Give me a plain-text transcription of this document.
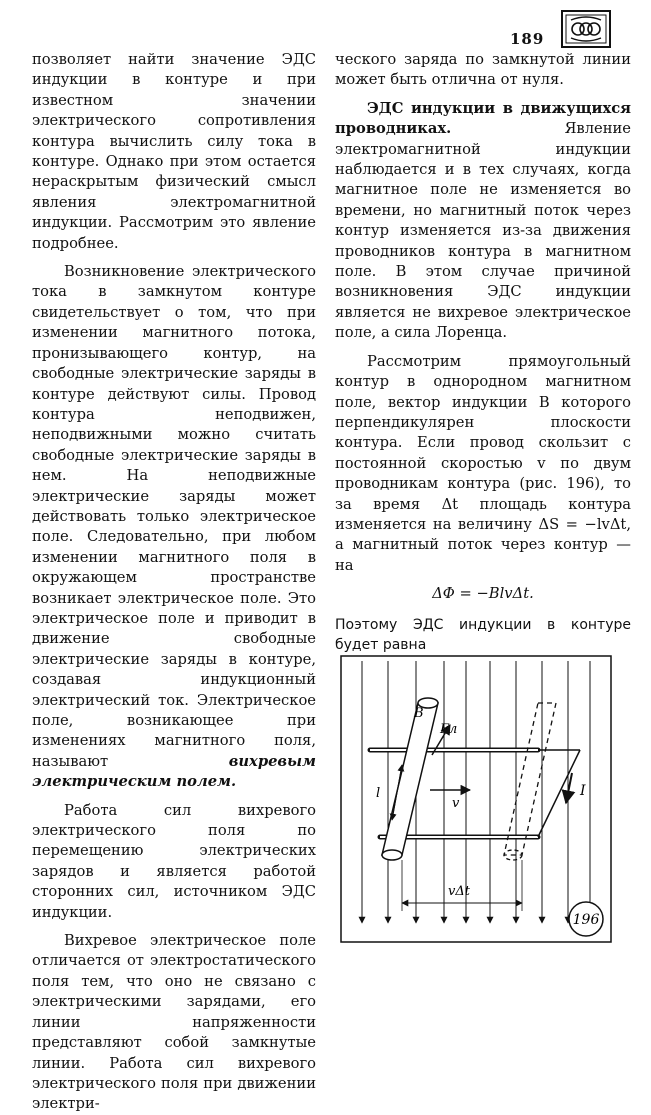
189

позволяет найти значение ЭДС индукции в контуре и при известном значении электрического сопротивления контура вычислить силу тока в контуре. Однако при этом остается нераскрытым физический смысл явления электромагнитной индукции. Рассмотрим это явление подробнее.

Возникновение электрического тока в замкнутом контуре свидетельствует о том, что при изменении магнитного потока, пронизывающего контур, на свободные электрические заряды в контуре действуют силы. Провод контура неподвижен, неподвижными можно считать свободные электрические заряды в нем. На неподвижные электрические заряды может действовать только электрическое поле. Следовательно, при любом изменении магнитного поля в окружающем пространстве возникает электрическое поле. Это электрическое поле и приводит в движение свободные электрические заряды в контуре, создавая индукционный электрический ток. Электрическое поле, возникающее при изменениях магнитного поля, называют	вихревым электрическим полем.

Работа сил вихревого электрического поля по перемещению электрических зарядов и является работой сторонних сил, источником ЭДС индукции.

Вихревое электрическое поле отличается от электростатического поля тем, что оно не связано с электрическими зарядами, его линии напряженности представляют собой замкнутые линии. Работа сил вихревого электрического поля при движении электри-

ческого заряда по замкнутой линии может быть отлична от нуля.

ЭДС индукции в движущихся проводниках.	Явление электромагнитной индукции наблюдается и в тех случаях, когда магнитное поле не изменяется во времени, но магнитный поток через контур изменяется из-за движения проводников контура в магнитном поле. В этом случае причиной возникновения ЭДС индукции является не вихревое электрическое поле, а сила Лоренца.

Рассмотрим прямоугольный контур в однородном магнитном поле, вектор индукции B которого перпендикулярен плоскости контура. Если провод скользит с постоянной скоростью v по двум проводникам контура (рис. 196), то за время Δt площадь контура изменяется на величину ΔS = −lvΔt, а магнитный поток через контур — на

ΔΦ = −BlvΔt.

Поэтому ЭДС индукции в контуре будет равна

B
Fл
v
I
l
vΔt
196
